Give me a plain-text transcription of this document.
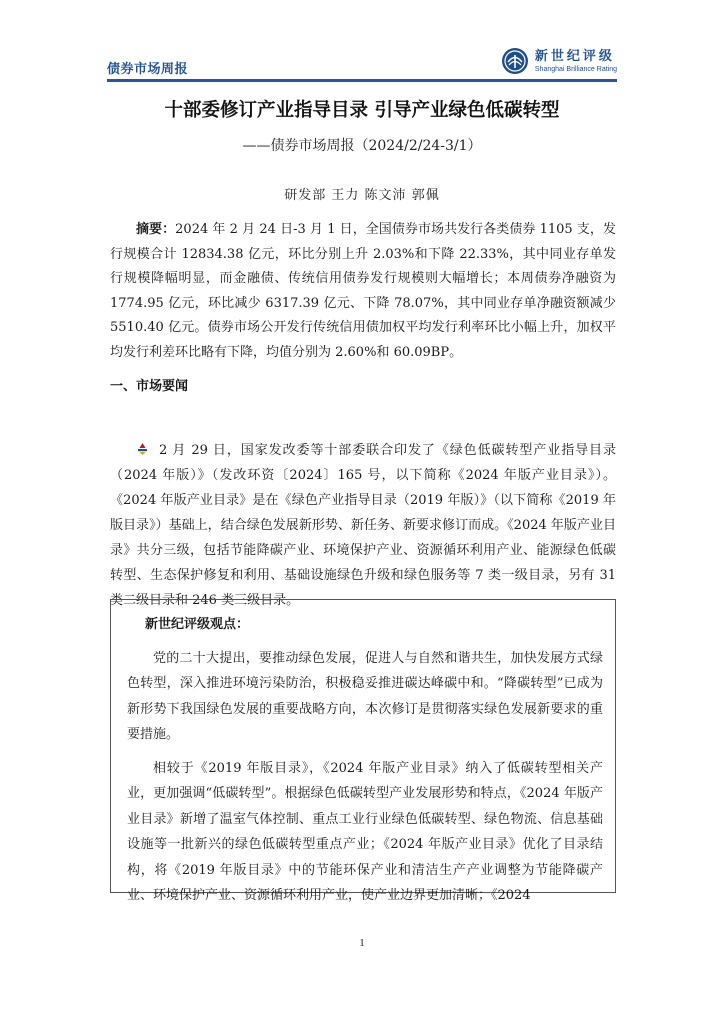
债券市场周报
新世纪评级
Shanghai Brilliance Rating
十部委修订产业指导目录 引导产业绿色低碳转型
——债券市场周报（2024/2/24-3/1）
研发部 王力 陈文沛 郭佩
摘要：2024 年 2 月 24 日-3 月 1 日，全国债券市场共发行各类债券 1105 支，发行规模合计 12834.38 亿元，环比分别上升 2.03%和下降 22.33%，其中同业存单发行规模降幅明显，而金融债、传统信用债券发行规模则大幅增长；本周债券净融资为 1774.95 亿元，环比减少 6317.39 亿元、下降 78.07%，其中同业存单净融资额减少 5510.40 亿元。债券市场公开发行传统信用债加权平均发行利率环比小幅上升，加权平均发行利差环比略有下降，均值分别为 2.60%和 60.09BP。
一、市场要闻
2 月 29 日，国家发改委等十部委联合印发了《绿色低碳转型产业指导目录（2024 年版）》（发改环资〔2024〕165 号，以下简称《2024 年版产业目录》）。《2024 年版产业目录》是在《绿色产业指导目录（2019 年版）》（以下简称《2019 年版目录》）基础上，结合绿色发展新形势、新任务、新要求修订而成。《2024 年版产业目录》共分三级，包括节能降碳产业、环境保护产业、资源循环利用产业、能源绿色低碳转型、生态保护修复和利用、基础设施绿色升级和绿色服务等 7 类一级目录，另有 31 类二级目录和 246 类三级目录。
新世纪评级观点：

党的二十大提出，要推动绿色发展，促进人与自然和谐共生，加快发展方式绿色转型，深入推进环境污染防治，积极稳妥推进碳达峰碳中和。“降碳转型”已成为新形势下我国绿色发展的重要战略方向，本次修订是贯彻落实绿色发展新要求的重要措施。

相较于《2019 年版目录》，《2024 年版产业目录》纳入了低碳转型相关产业，更加强调“低碳转型”。根据绿色低碳转型产业发展形势和特点，《2024 年版产业目录》新增了温室气体控制、重点工业行业绿色低碳转型、绿色物流、信息基础设施等一批新兴的绿色低碳转型重点产业；《2024 年版产业目录》优化了目录结构，将《2019 年版目录》中的节能环保产业和清洁生产产业调整为节能降碳产业、环境保护产业、资源循环利用产业，使产业边界更加清晰；《2024

1
